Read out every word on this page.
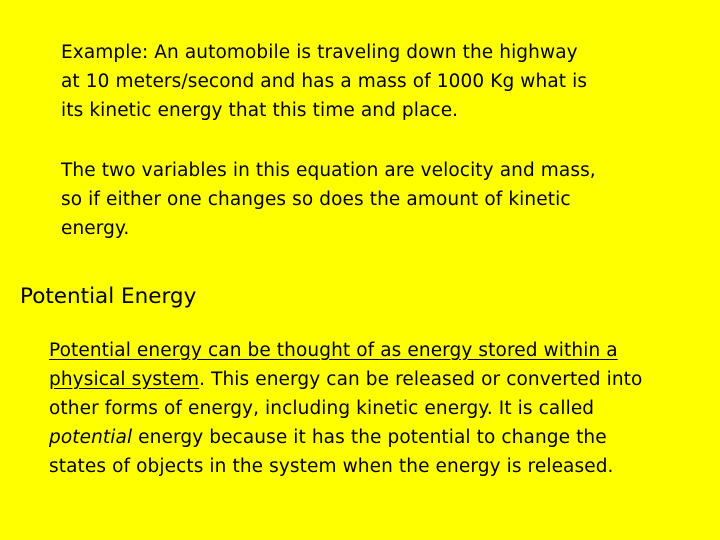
Example: An automobile is traveling down the highway
at 10 meters/second and has a mass of 1000 Kg what is
its kinetic energy that this time and place.

The two variables in this equation are velocity and mass,
so if either one changes so does the amount of kinetic
energy.

Potential Energy

Potential energy can be thought of as energy stored within a
physical system. This energy can be released or converted into
other forms of energy, including kinetic energy. It is called
potential energy because it has the potential to change the
states of objects in the system when the energy is released.
